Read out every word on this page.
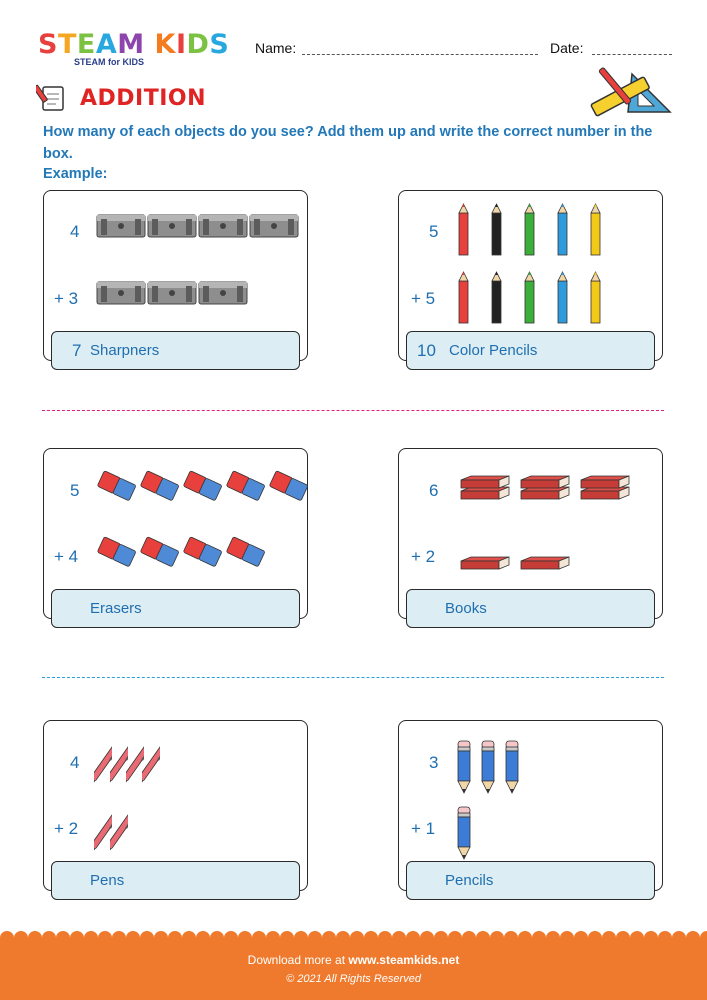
STEAM KIDS
STEAM for KIDS
Name:	Date:
ADDITION
How many of each objects do you see? Add them up and write the correct number in the box.
Example:
4
+ 3
7 Sharpners
5
+ 5
10 Color Pencils
5
+ 4
Erasers
6
+ 2
Books
4
+ 2
Pens
3
+ 1
Pencils
Download more at www.steamkids.net
© 2021 All Rights Reserved
